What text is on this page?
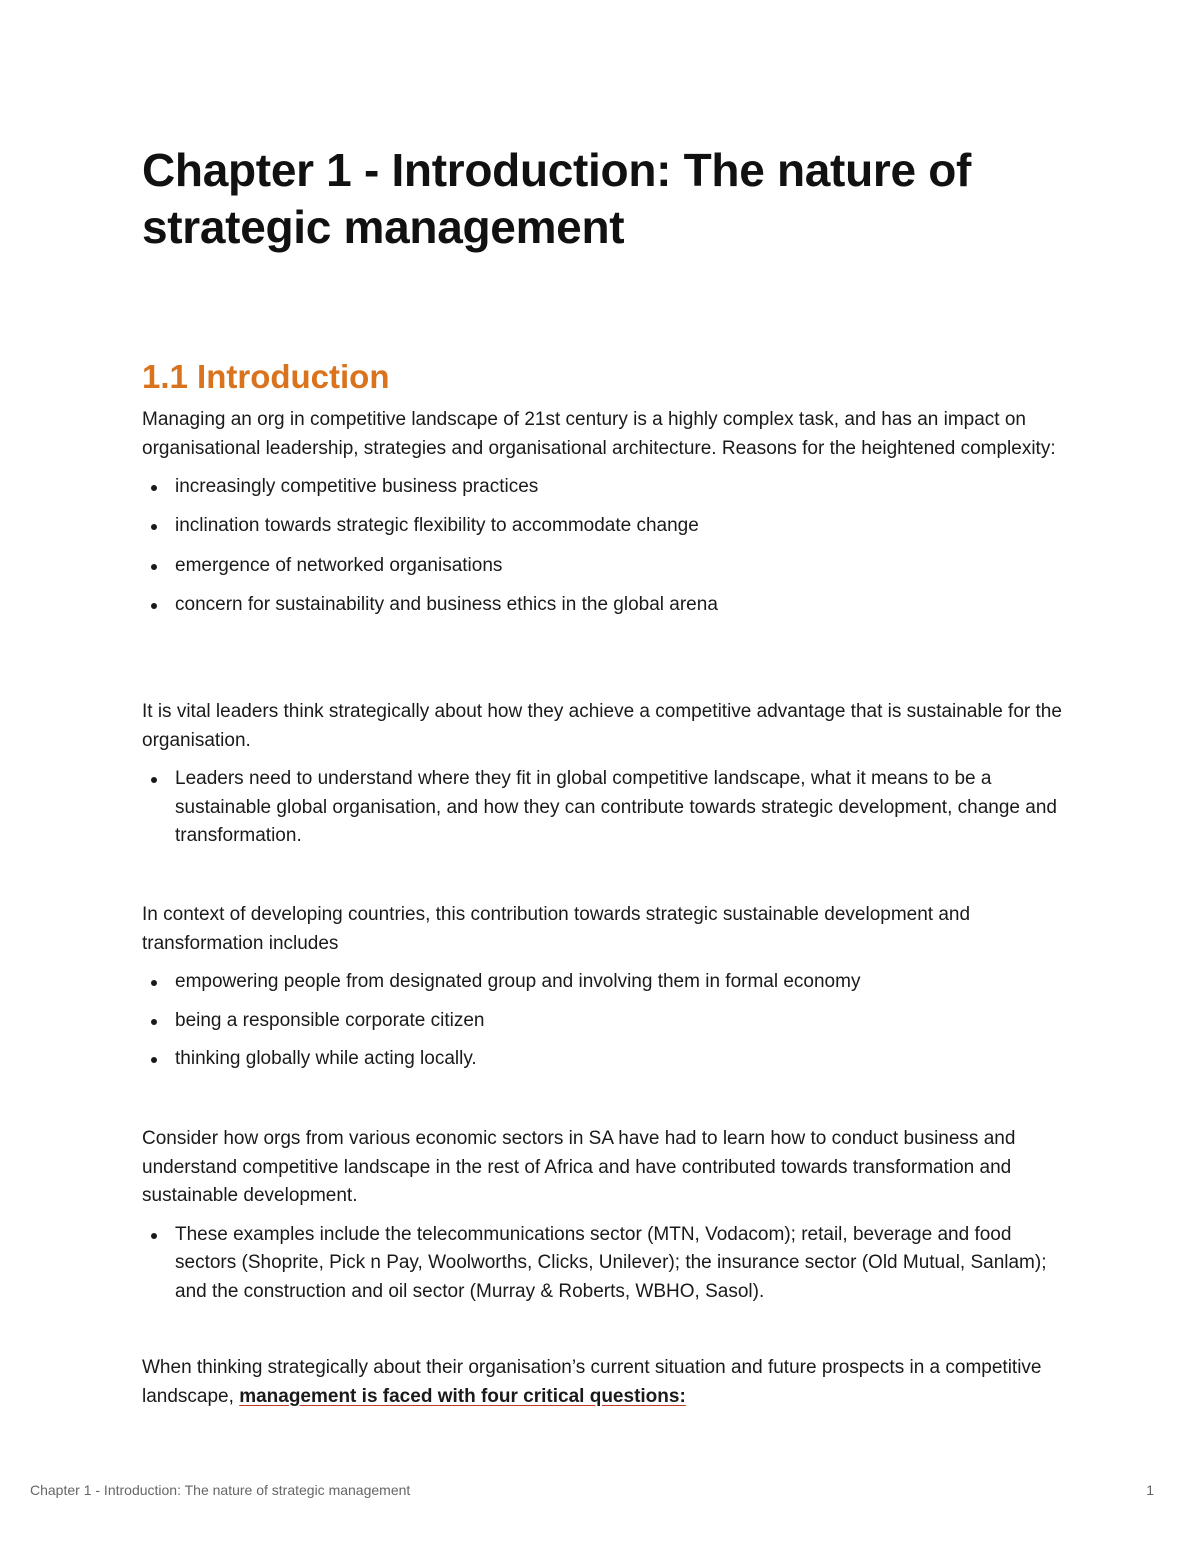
Chapter 1 - Introduction: The nature of strategic management
1.1 Introduction

Managing an org in competitive landscape of 21st century is a highly complex task, and has an impact on organisational leadership, strategies and organisational architecture. Reasons for the heightened complexity:

increasingly competitive business practices
inclination towards strategic flexibility to accommodate change
emergence of networked organisations
concern for sustainability and business ethics in the global arena

It is vital leaders think strategically about how they achieve a competitive advantage that is sustainable for the organisation.

Leaders need to understand where they fit in global competitive landscape, what it means to be a sustainable global organisation, and how they can contribute towards strategic development, change and transformation.

In context of developing countries, this contribution towards strategic sustainable development and transformation includes

empowering people from designated group and involving them in formal economy
being a responsible corporate citizen
thinking globally while acting locally.

Consider how orgs from various economic sectors in SA have had to learn how to conduct business and understand competitive landscape in the rest of Africa and have contributed towards transformation and sustainable development.

These examples include the telecommunications sector (MTN, Vodacom); retail, beverage and food sectors (Shoprite, Pick n Pay, Woolworths, Clicks, Unilever); the insurance sector (Old Mutual, Sanlam); and the construction and oil sector (Murray & Roberts, WBHO, Sasol).

When thinking strategically about their organisation’s current situation and future prospects in a competitive landscape, management is faced with four critical questions:

Chapter 1 - Introduction: The nature of strategic management	1
